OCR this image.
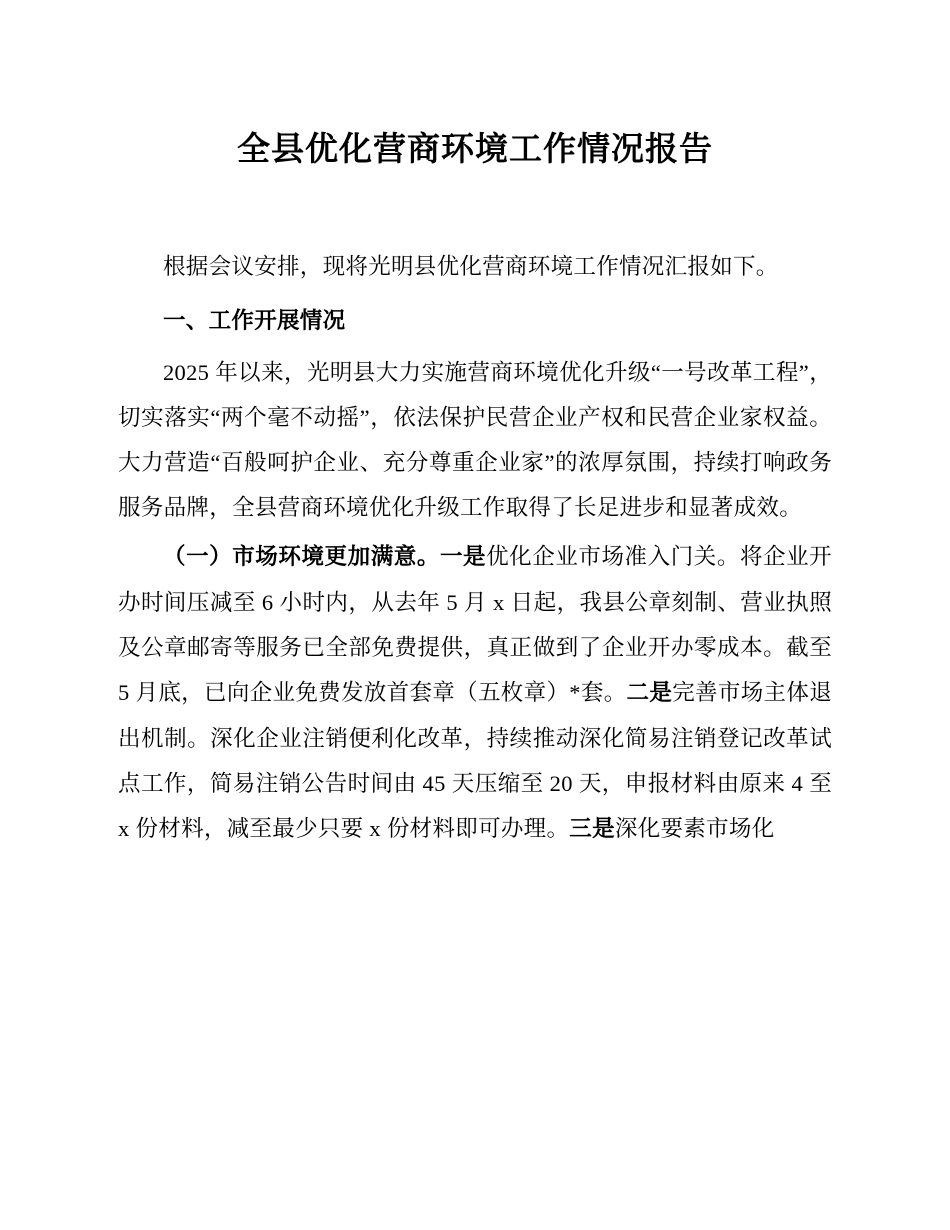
全县优化营商环境工作情况报告

根据会议安排，现将光明县优化营商环境工作情况汇报如下。

一、工作开展情况

2025 年以来，光明县大力实施营商环境优化升级“一号改革工程”，切实落实“两个毫不动摇”，依法保护民营企业产权和民营企业家权益。大力营造“百般呵护企业、充分尊重企业家”的浓厚氛围，持续打响政务服务品牌，全县营商环境优化升级工作取得了长足进步和显著成效。

（一）市场环境更加满意。一是优化企业市场准入门关。将企业开办时间压减至 6 小时内，从去年 5 月 x 日起，我县公章刻制、营业执照及公章邮寄等服务已全部免费提供，真正做到了企业开办零成本。截至 5 月底，已向企业免费发放首套章（五枚章）*套。二是完善市场主体退出机制。深化企业注销便利化改革，持续推动深化简易注销登记改革试点工作，简易注销公告时间由 45 天压缩至 20 天，申报材料由原来 4 至 x 份材料，减至最少只要 x 份材料即可办理。三是深化要素市场化
